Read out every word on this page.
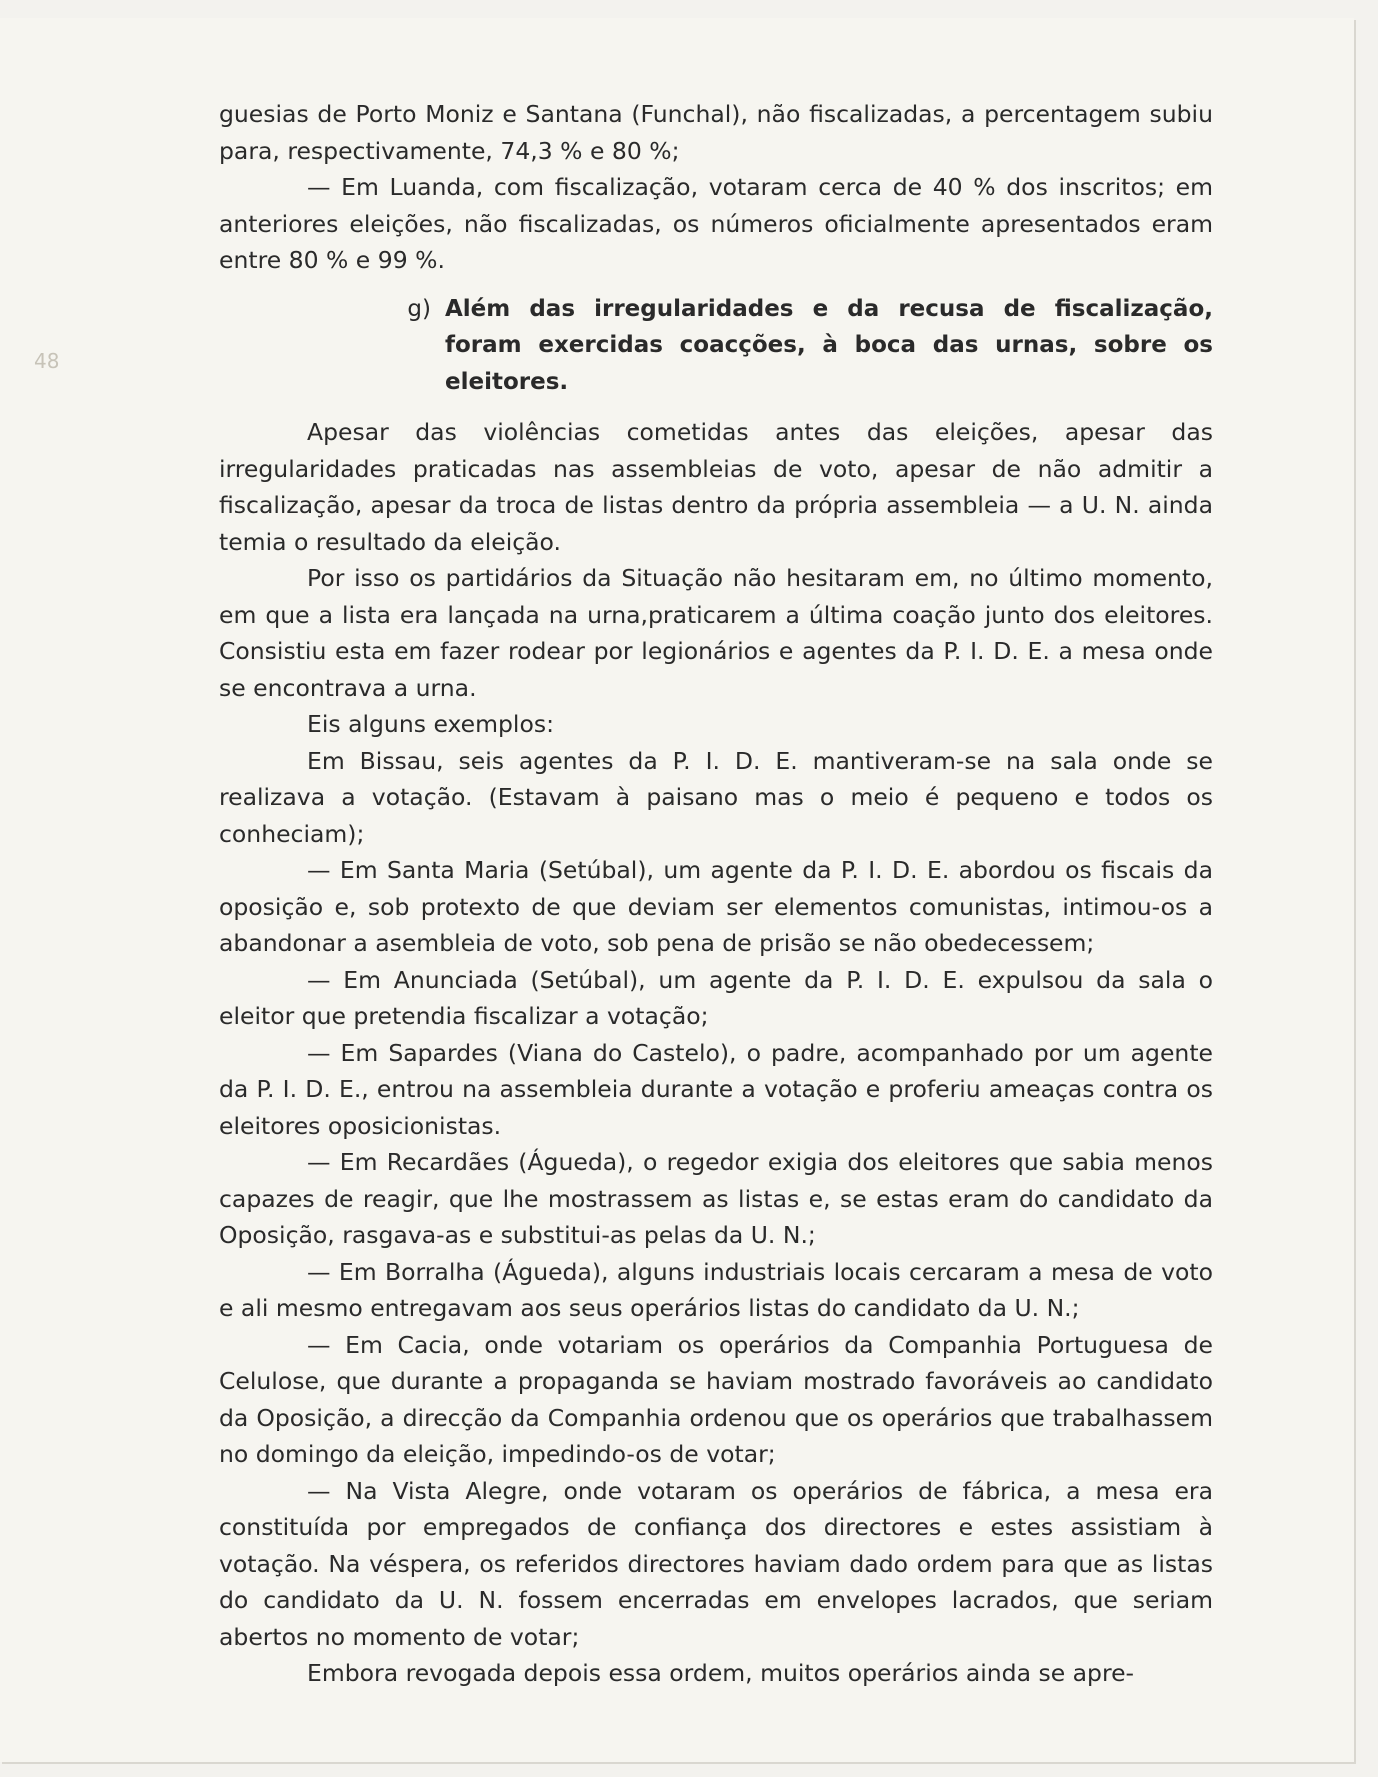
48

guesias de Porto Moniz e Santana (Funchal), não fiscalizadas, a percentagem subiu para, respectivamente, 74,3 % e 80 %;

— Em Luanda, com fiscalização, votaram cerca de 40 % dos inscritos; em anteriores eleições, não fiscalizadas, os números oficialmente apresentados eram entre 80 % e 99 %.

g) Além das irregularidades e da recusa de fiscalização, foram exercidas coacções, à boca das urnas, sobre os eleitores.

Apesar das violências cometidas antes das eleições, apesar das irregularidades praticadas nas assembleias de voto, apesar de não admitir a fiscalização, apesar da troca de listas dentro da própria assembleia — a U. N. ainda temia o resultado da eleição.

Por isso os partidários da Situação não hesitaram em, no último momento, em que a lista era lançada na urna,praticarem a última coação junto dos eleitores. Consistiu esta em fazer rodear por legionários e agentes da P. I. D. E. a mesa onde se encontrava a urna.

Eis alguns exemplos:

Em Bissau, seis agentes da P. I. D. E. mantiveram-se na sala onde se realizava a votação. (Estavam à paisano mas o meio é pequeno e todos os conheciam);

— Em Santa Maria (Setúbal), um agente da P. I. D. E. abordou os fiscais da oposição e, sob protexto de que deviam ser elementos comunistas, intimou-os a abandonar a asembleia de voto, sob pena de prisão se não obedecessem;

— Em Anunciada (Setúbal), um agente da P. I. D. E. expulsou da sala o eleitor que pretendia fiscalizar a votação;

— Em Sapardes (Viana do Castelo), o padre, acompanhado por um agente da P. I. D. E., entrou na assembleia durante a votação e proferiu ameaças contra os eleitores oposicionistas.

— Em Recardães (Águeda), o regedor exigia dos eleitores que sabia menos capazes de reagir, que lhe mostrassem as listas e, se estas eram do candidato da Oposição, rasgava-as e substitui-as pelas da U. N.;

— Em Borralha (Águeda), alguns industriais locais cercaram a mesa de voto e ali mesmo entregavam aos seus operários listas do candidato da U. N.;

— Em Cacia, onde votariam os operários da Companhia Portuguesa de Celulose, que durante a propaganda se haviam mostrado favoráveis ao candidato da Oposição, a direcção da Companhia ordenou que os operários que trabalhassem no domingo da eleição, impedindo-os de votar;

— Na Vista Alegre, onde votaram os operários de fábrica, a mesa era constituída por empregados de confiança dos directores e estes assistiam à votação. Na véspera, os referidos directores haviam dado ordem para que as listas do candidato da U. N. fossem encerradas em envelopes lacrados, que seriam abertos no momento de votar;

Embora revogada depois essa ordem, muitos operários ainda se apre-
